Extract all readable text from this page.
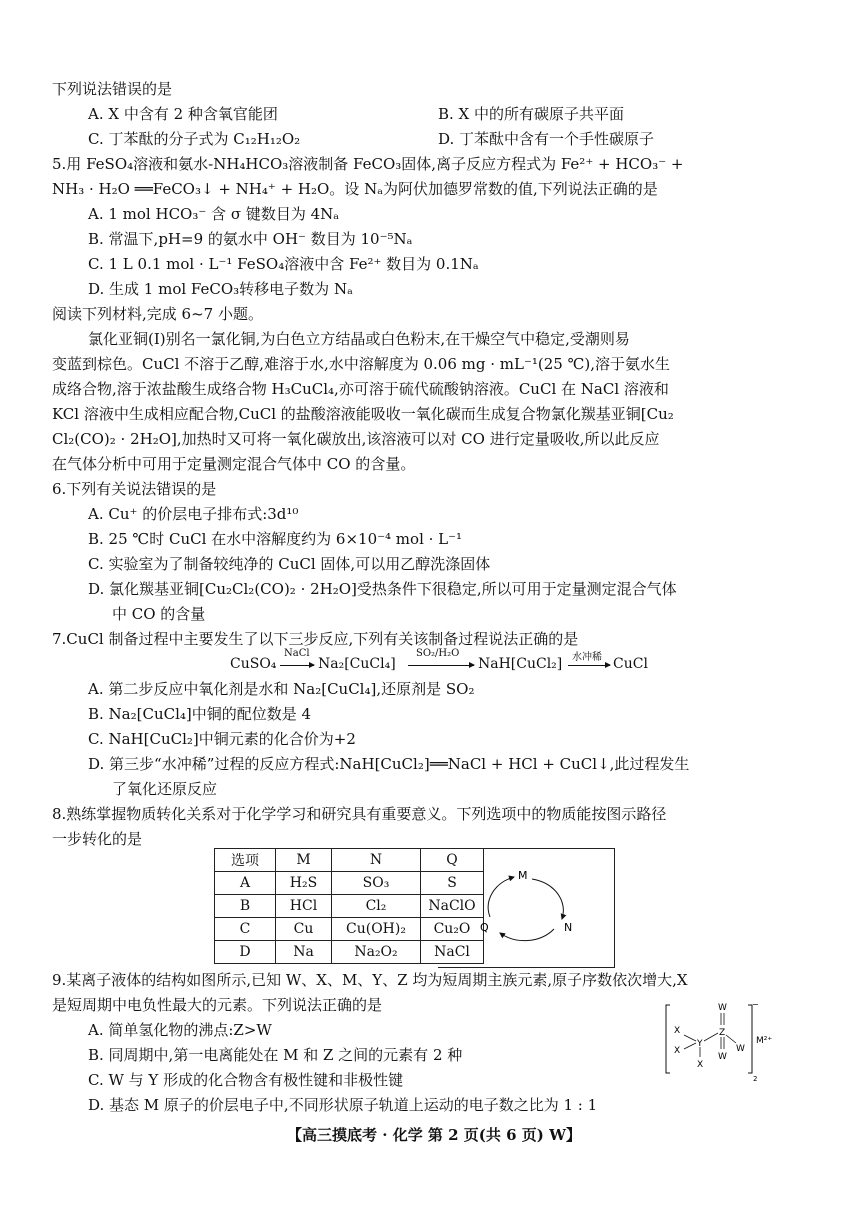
下列说法错误的是
A. X 中含有 2 种含氧官能团	B. X 中的所有碳原子共平面
C. 丁苯酞的分子式为 C₁₂H₁₂O₂	D. 丁苯酞中含有一个手性碳原子
5.用 FeSO₄溶液和氨水-NH₄HCO₃溶液制备 FeCO₃固体,离子反应方程式为 Fe²⁺ + HCO₃⁻ +
NH₃ · H₂O ══FeCO₃↓ + NH₄⁺ + H₂O。设 Nₐ为阿伏加德罗常数的值,下列说法正确的是
A. 1 mol HCO₃⁻ 含 σ 键数目为 4Nₐ
B. 常温下,pH=9 的氨水中 OH⁻ 数目为 10⁻⁵Nₐ
C. 1 L 0.1 mol · L⁻¹ FeSO₄溶液中含 Fe²⁺ 数目为 0.1Nₐ
D. 生成 1 mol FeCO₃转移电子数为 Nₐ
阅读下列材料,完成 6~7 小题。
氯化亚铜(Ⅰ)别名一氯化铜,为白色立方结晶或白色粉末,在干燥空气中稳定,受潮则易
变蓝到棕色。CuCl 不溶于乙醇,难溶于水,水中溶解度为 0.06 mg · mL⁻¹(25 ℃),溶于氨水生
成络合物,溶于浓盐酸生成络合物 H₃CuCl₄,亦可溶于硫代硫酸钠溶液。CuCl 在 NaCl 溶液和
KCl 溶液中生成相应配合物,CuCl 的盐酸溶液能吸收一氧化碳而生成复合物氯化羰基亚铜[Cu₂
Cl₂(CO)₂ · 2H₂O],加热时又可将一氧化碳放出,该溶液可以对 CO 进行定量吸收,所以此反应
在气体分析中可用于定量测定混合气体中 CO 的含量。
6.下列有关说法错误的是
A. Cu⁺ 的价层电子排布式:3d¹⁰
B. 25 ℃时 CuCl 在水中溶解度约为 6×10⁻⁴ mol · L⁻¹
C. 实验室为了制备较纯净的 CuCl 固体,可以用乙醇洗涤固体
D. 氯化羰基亚铜[Cu₂Cl₂(CO)₂ · 2H₂O]受热条件下很稳定,所以可用于定量测定混合气体
中 CO 的含量
7.CuCl 制备过程中主要发生了以下三步反应,下列有关该制备过程说法正确的是
CuSO₄
NaCl
Na₂[CuCl₄]
SO₂/H₂O
NaH[CuCl₂] 水冲稀 CuCl
A. 第二步反应中氧化剂是水和 Na₂[CuCl₄],还原剂是 SO₂
B. Na₂[CuCl₄]中铜的配位数是 4
C. NaH[CuCl₂]中铜元素的化合价为+2
D. 第三步“水冲稀”过程的反应方程式:NaH[CuCl₂]══NaCl + HCl + CuCl↓,此过程发生
了氧化还原反应
8.熟练掌握物质转化关系对于化学学习和研究具有重要意义。下列选项中的物质能按图示路径
一步转化的是
选项	M	N	Q
A	H₂S	SO₃	S
B	HCl	Cl₂	NaClO
C	Cu	Cu(OH)₂	Cu₂O
D	Na	Na₂O₂	NaCl
M
N
Q
9.某离子液体的结构如图所示,已知 W、X、M、Y、Z 均为短周期主族元素,原子序数依次增大,X
是短周期中电负性最大的元素。下列说法正确的是
A. 简单氢化物的沸点:Z>W
B. 同周期中,第一电离能处在 M 和 Z 之间的元素有 2 种
C. W 与 Y 形成的化合物含有极性键和非极性键
D. 基态 M 原子的价层电子中,不同形状原子轨道上运动的电子数之比为 1 : 1
X
X
Y
X
Z
W
W
W
M²⁺
2
−
【高三摸底考 · 化学 第 2 页(共 6 页) W】
